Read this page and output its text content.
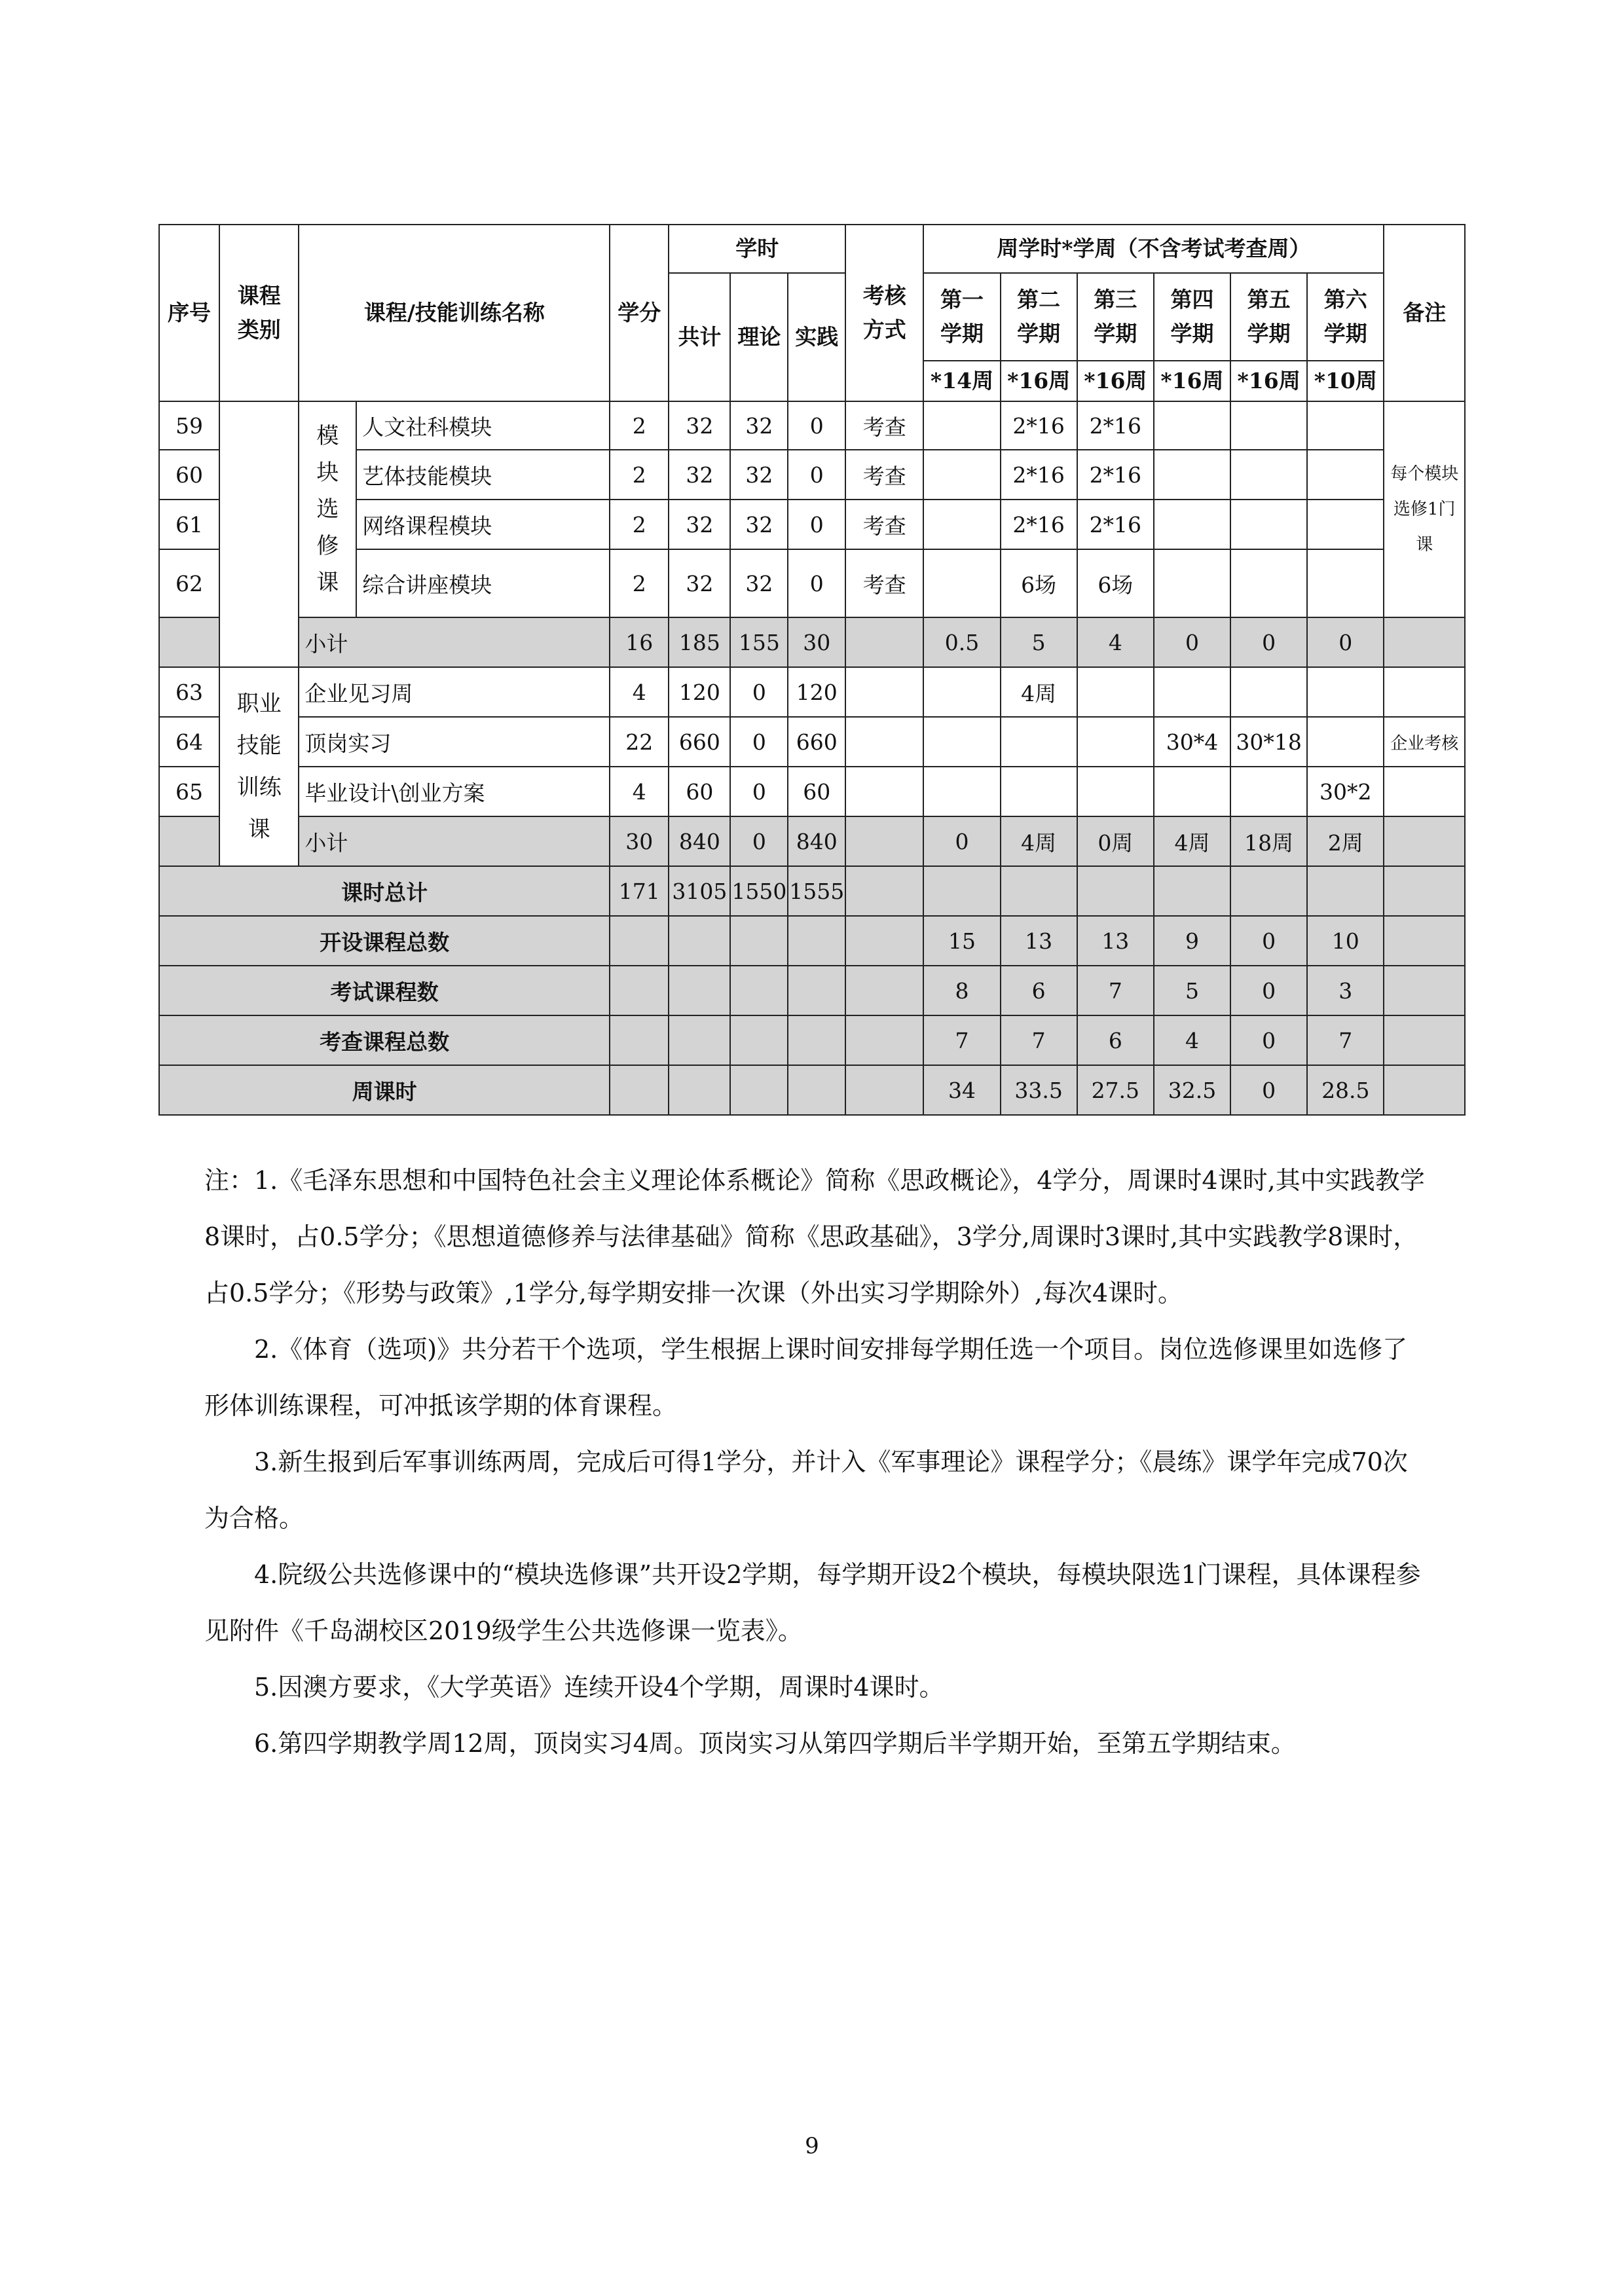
序号	课程类别	课程/技能训练名称		学分	学时			考核方式	周学时*学周（不含考试考查周）						备注
					共计	理论	实践		第一学期	第二学期	第三学期	第四学期	第五学期	第六学期	
									*14周	*16周	*16周	*16周	*16周	*10周	
59		模块选修课	人文社科模块	2	32	32	0	考查		2*16	2*16				每个模块选修1门课
60			艺体技能模块	2	32	32	0	考查		2*16	2*16				
61			网络课程模块	2	32	32	0	考查		2*16	2*16				
62			综合讲座模块	2	32	32	0	考查		6场	6场				
		小计		16	185	155	30		0.5	5	4	0	0	0	
63	职业技能训练课	企业见习周		4	120	0	120			4周					
64		顶岗实习		22	660	0	660					30*4	30*18		企业考核
65		毕业设计\创业方案		4	60	0	60							30*2	
		小计		30	840	0	840		0	4周	0周	4周	18周	2周	
课时总计				171	3105	1550	1555								
开设课程总数									15	13	13	9	0	10	
考试课程数									8	6	7	5	0	3	
考查课程总数									7	7	6	4	0	7	
周课时									34	33.5	27.5	32.5	0	28.5	

注：1.《毛泽东思想和中国特色社会主义理论体系概论》简称《思政概论》，4学分，周课时4课时,其中实践教学8课时，占0.5学分；《思想道德修养与法律基础》简称《思政基础》，3学分,周课时3课时,其中实践教学8课时，占0.5学分；《形势与政策》,1学分,每学期安排一次课（外出实习学期除外）,每次4课时。

2.《体育（选项)》共分若干个选项，学生根据上课时间安排每学期任选一个项目。岗位选修课里如选修了形体训练课程，可冲抵该学期的体育课程。

3.新生报到后军事训练两周，完成后可得1学分，并计入《军事理论》课程学分；《晨练》课学年完成70次为合格。

4.院级公共选修课中的“模块选修课”共开设2学期，每学期开设2个模块，每模块限选1门课程，具体课程参见附件《千岛湖校区2019级学生公共选修课一览表》。

5.因澳方要求，《大学英语》连续开设4个学期，周课时4课时。

6.第四学期教学周12周，顶岗实习4周。顶岗实习从第四学期后半学期开始，至第五学期结束。

9
